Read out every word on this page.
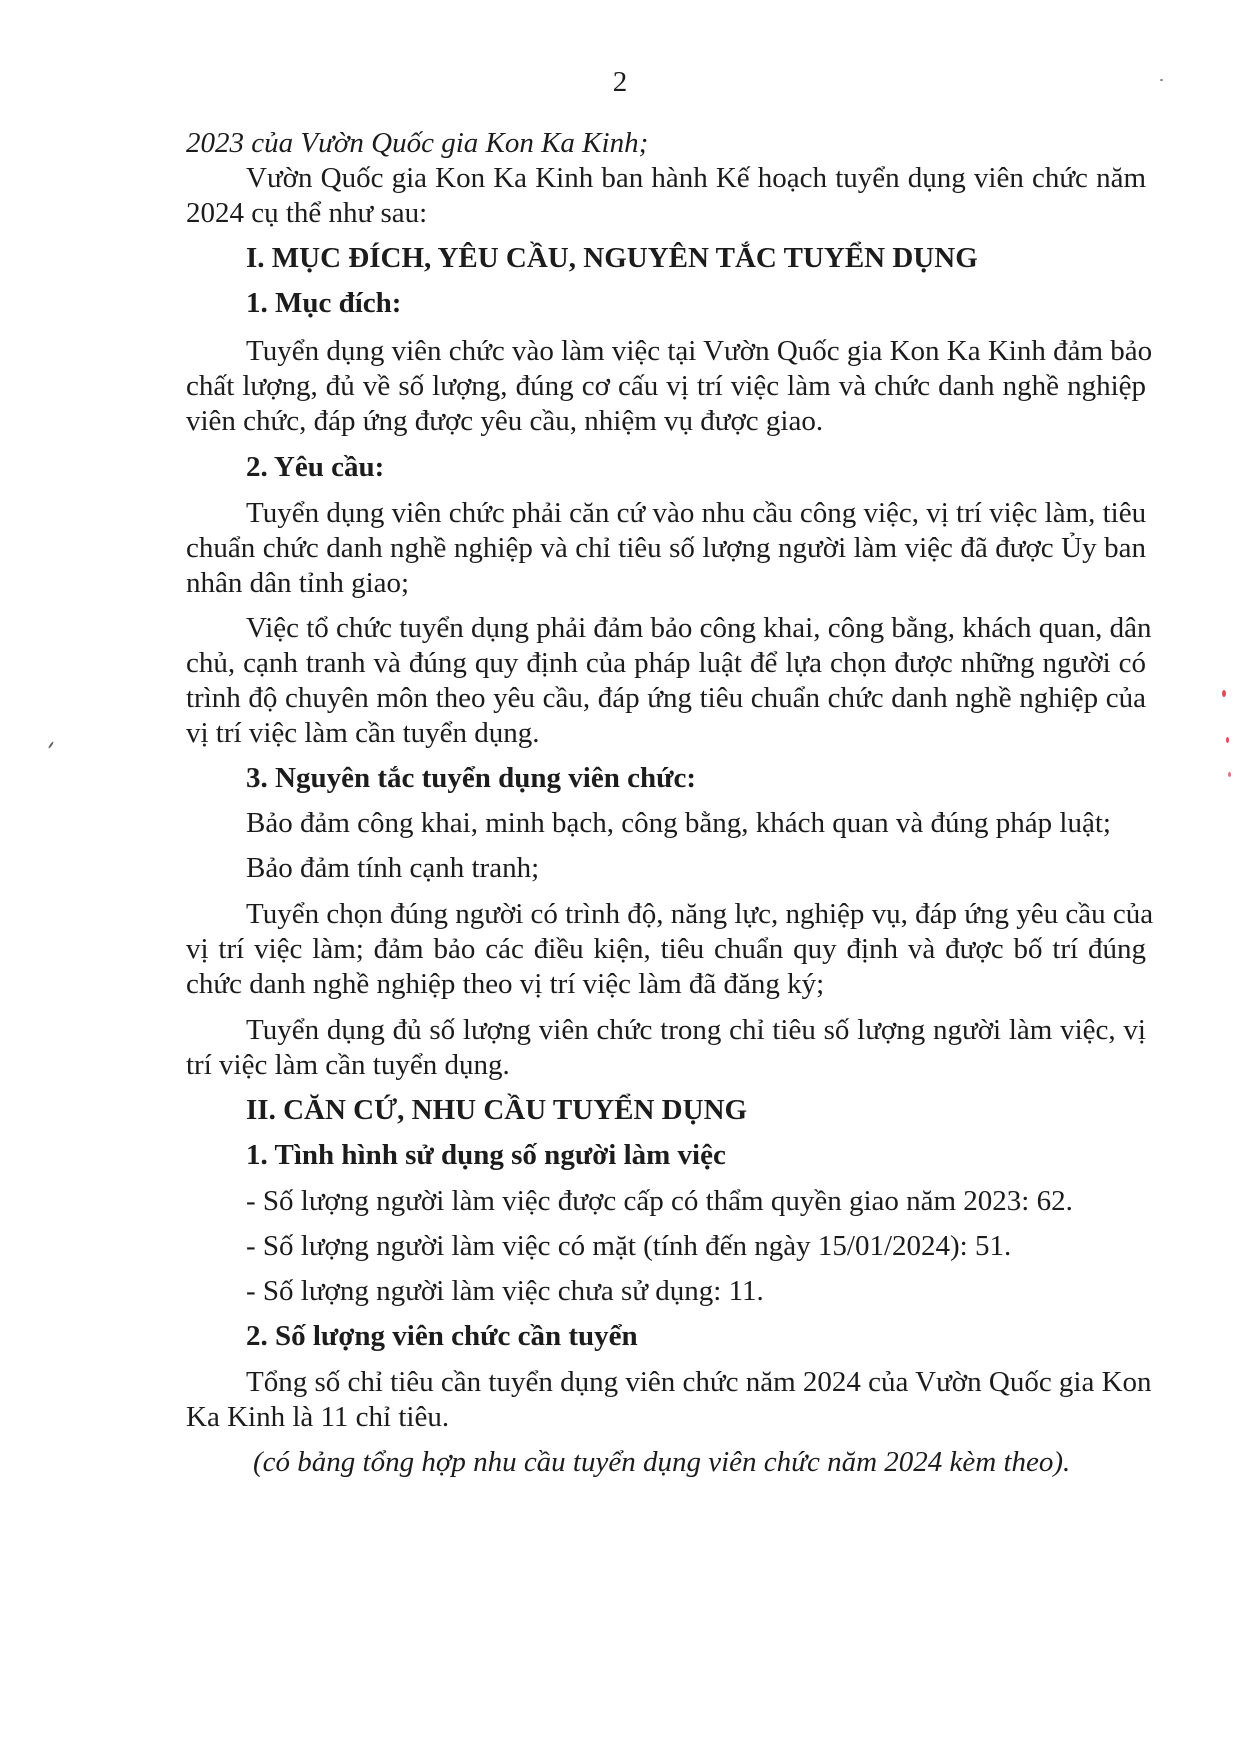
2
2023 của Vườn Quốc gia Kon Ka Kinh;
Vườn Quốc gia Kon Ka Kinh ban hành Kế hoạch tuyển dụng viên chức năm
2024 cụ thể như sau:
I. MỤC ĐÍCH, YÊU CẦU, NGUYÊN TẮC TUYỂN DỤNG
1. Mục đích:
Tuyển dụng viên chức vào làm việc tại Vườn Quốc gia Kon Ka Kinh đảm bảo
chất lượng, đủ về số lượng, đúng cơ cấu vị trí việc làm và chức danh nghề nghiệp
viên chức, đáp ứng được yêu cầu, nhiệm vụ được giao.
2. Yêu cầu:
Tuyển dụng viên chức phải căn cứ vào nhu cầu công việc, vị trí việc làm, tiêu
chuẩn chức danh nghề nghiệp và chỉ tiêu số lượng người làm việc đã được Ủy ban
nhân dân tỉnh giao;
Việc tổ chức tuyển dụng phải đảm bảo công khai, công bằng, khách quan, dân
chủ, cạnh tranh và đúng quy định của pháp luật để lựa chọn được những người có
trình độ chuyên môn theo yêu cầu, đáp ứng tiêu chuẩn chức danh nghề nghiệp của
vị trí việc làm cần tuyển dụng.
3. Nguyên tắc tuyển dụng viên chức:
Bảo đảm công khai, minh bạch, công bằng, khách quan và đúng pháp luật;
Bảo đảm tính cạnh tranh;
Tuyển chọn đúng người có trình độ, năng lực, nghiệp vụ, đáp ứng yêu cầu của
vị trí việc làm; đảm bảo các điều kiện, tiêu chuẩn quy định và được bố trí đúng
chức danh nghề nghiệp theo vị trí việc làm đã đăng ký;
Tuyển dụng đủ số lượng viên chức trong chỉ tiêu số lượng người làm việc, vị
trí việc làm cần tuyển dụng.
II. CĂN CỨ, NHU CẦU TUYỂN DỤNG
1. Tình hình sử dụng số người làm việc
- Số lượng người làm việc được cấp có thẩm quyền giao năm 2023: 62.
- Số lượng người làm việc có mặt (tính đến ngày 15/01/2024): 51.
- Số lượng người làm việc chưa sử dụng: 11.
2. Số lượng viên chức cần tuyển
Tổng số chỉ tiêu cần tuyển dụng viên chức năm 2024 của Vườn Quốc gia Kon
Ka Kinh là 11 chỉ tiêu.
(có bảng tổng hợp nhu cầu tuyển dụng viên chức năm 2024 kèm theo).
